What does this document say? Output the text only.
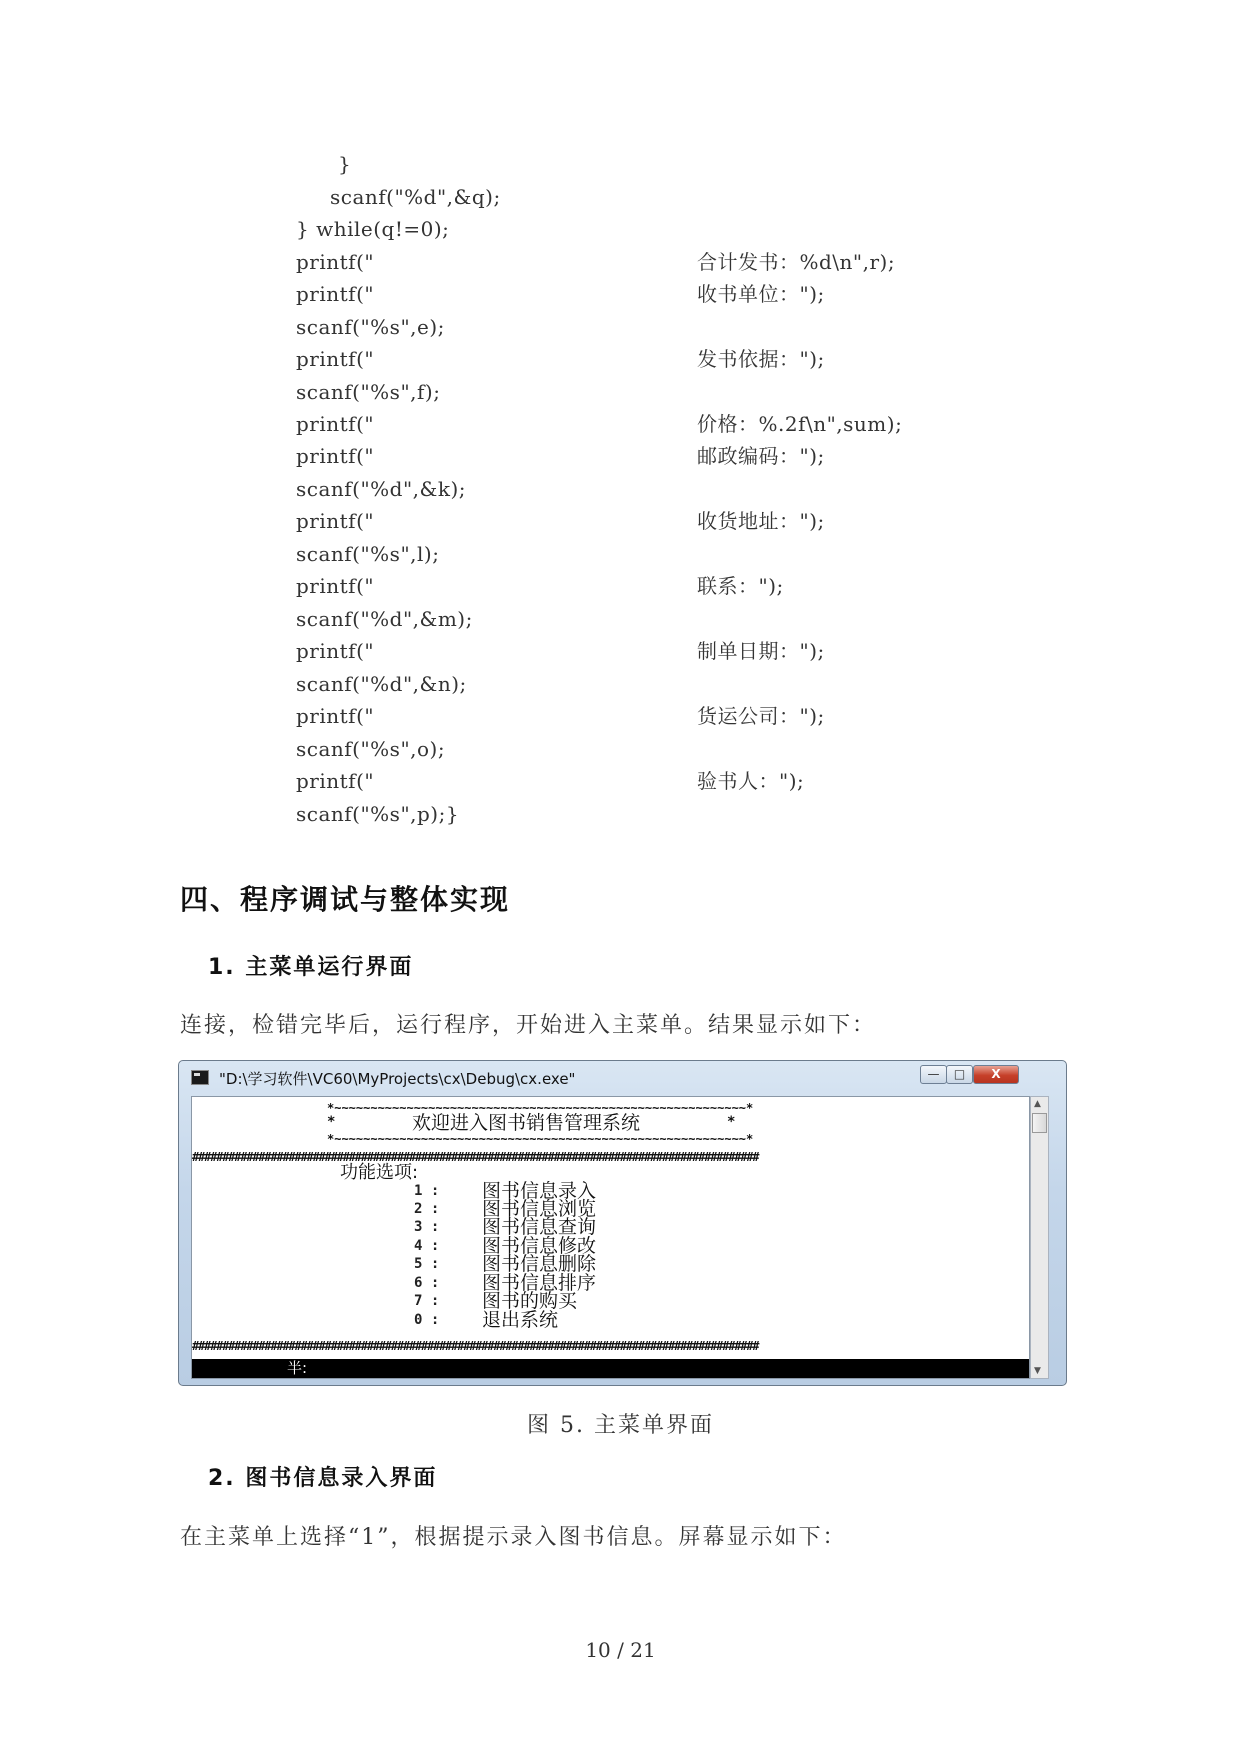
}
scanf("%d",&q);
} while(q!=0);
printf("	合计发书：%d\n",r);
printf("	收书单位：");
scanf("%s",e);
printf("	发书依据：");
scanf("%s",f);
printf("	价格：%.2f\n",sum);
printf("	邮政编码：");
scanf("%d",&k);
printf("	收货地址：");
scanf("%s",l);
printf("	联系：");
scanf("%d",&m);
printf("	制单日期：");
scanf("%d",&n);
printf("	货运公司：");
scanf("%s",o);
printf("	验书人：");
scanf("%s",p);}
四、程序调试与整体实现
1. 主菜单运行界面
连接，检错完毕后，运行程序，开始进入主菜单。结果显示如下：
"D:\学习软件\VC60\MyProjects\cx\Debug\cx.exe"	—	□	X
*~~~~~~~~~~~~~~~~~~~~~~~~~~~~~~~~~~~~~~~~~~~~~~~~~~~~~~~~~*
欢迎进入图书销售管理系统
*	*
*~~~~~~~~~~~~~~~~~~~~~~~~~~~~~~~~~~~~~~~~~~~~~~~~~~~~~~~~~*
##############################################################################################
功能选项:
1 : 图书信息录入
2 : 图书信息浏览
3 : 图书信息查询
4 : 图书信息修改
5 : 图书信息删除
6 : 图书信息排序
7 : 图书的购买
0 : 退出系统
##############################################################################################
半:
▲
▼
图 5. 主菜单界面
2. 图书信息录入界面
在主菜单上选择“1”，根据提示录入图书信息。屏幕显示如下：
10 / 21
